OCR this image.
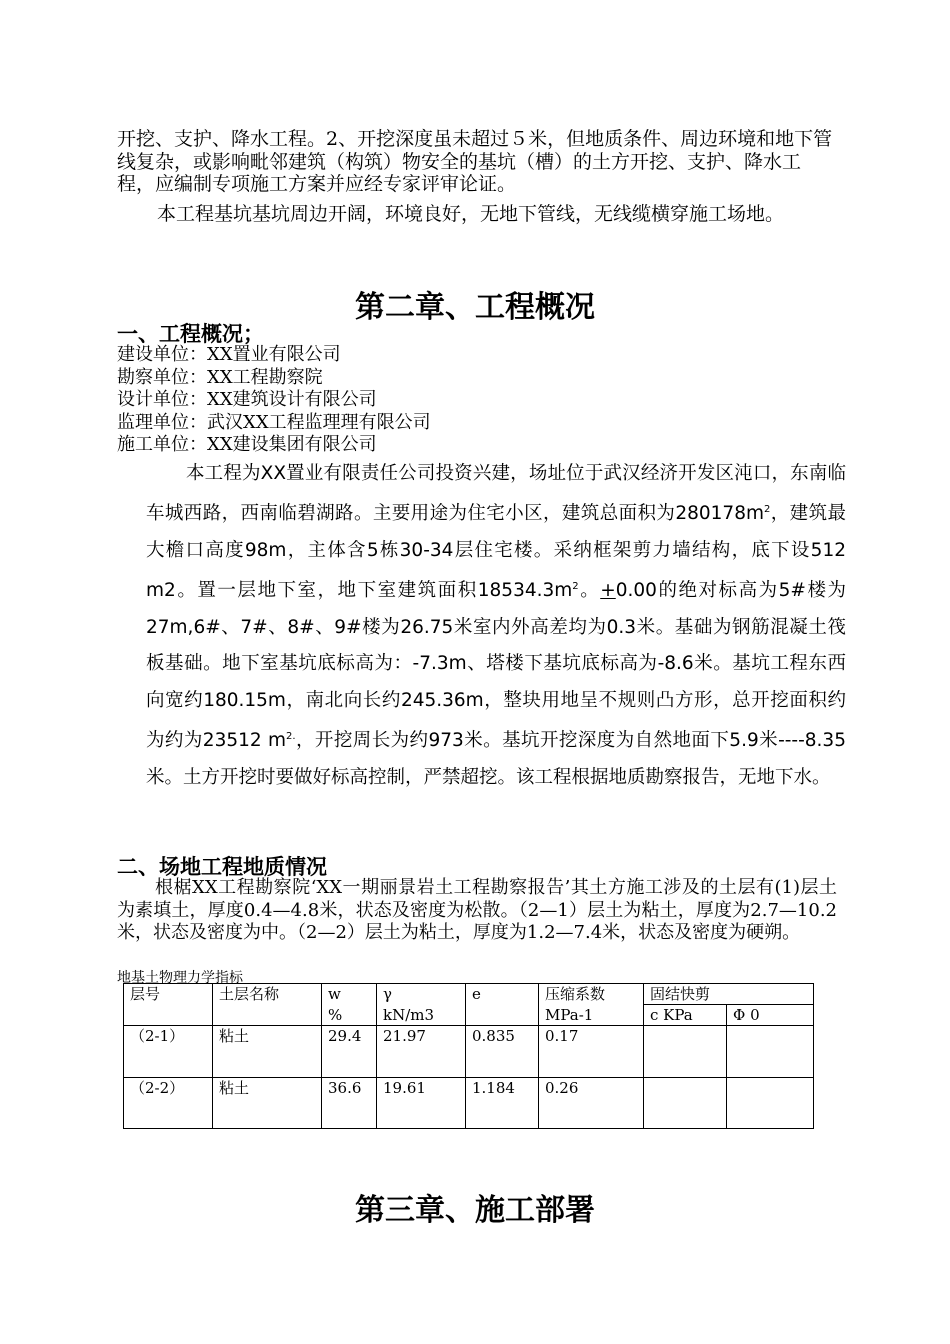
开挖、支护、降水工程。2、开挖深度虽未超过５米，但地质条件、周边环境和地下管线复杂，或影响毗邻建筑（构筑）物安全的基坑（槽）的土方开挖、支护、降水工程，应编制专项施工方案并应经专家评审论证。

本工程基坑基坑周边开阔，环境良好，无地下管线，无线缆横穿施工场地。

第二章、工程概况
一、工程概况；
建设单位：XX置业有限公司
勘察单位：XX工程勘察院
设计单位：XX建筑设计有限公司
监理单位：武汉XX工程监理理有限公司
施工单位：XX建设集团有限公司

本工程为XX置业有限责任公司投资兴建，场址位于武汉经济开发区沌口，东南临车城西路，西南临碧湖路。主要用途为住宅小区，建筑总面积为$280178m^2$，建筑最大檐口高度98m，主体含5栋30-34层住宅楼。采纳框架剪力墙结构，底下设512 m2。置一层地下室，地下室建筑面积$18534.3m^2$。+0.00的绝对标高为5#楼为27m,6#、7#、8#、9#楼为26.75米室内外高差均为0.3米。基础为钢筋混凝土筏板基础。地下室基坑底标高为：-7.3m、塔楼下基坑底标高为-8.6米。基坑工程东西向宽约180.15m，南北向长约245.36m，整块用地呈不规则凸方形，总开挖面积约为约为23512 $m^{2.}$，开挖周长为约973米。基坑开挖深度为自然地面下5.9米----8.35米。土方开挖时要做好标高控制，严禁超挖。该工程根据地质勘察报告，无地下水。

二、场地工程地质情况

根椐XX工程勘察院‘XX一期丽景岩土工程勘察报告’其土方施工涉及的土层有(1)层土为素填土，厚度0.4—4.8米，状态及密度为松散。（2—1）层土为粘土，厚度为2.7—10.2米，状态及密度为中。（2—2）层土为粘土，厚度为1.2—7.4米，状态及密度为硬朔。

地基土物理力学指标
层号	土层名称	w	γ	e	压缩系数	固结快剪	
		%	kN/m3		MPa-1	c KPa	Φ 0
（2-1）	粘土	29.4	21.97	0.835	0.17		
（2-2）	粘土	36.6	19.61	1.184	0.26		
第三章、施工部署
